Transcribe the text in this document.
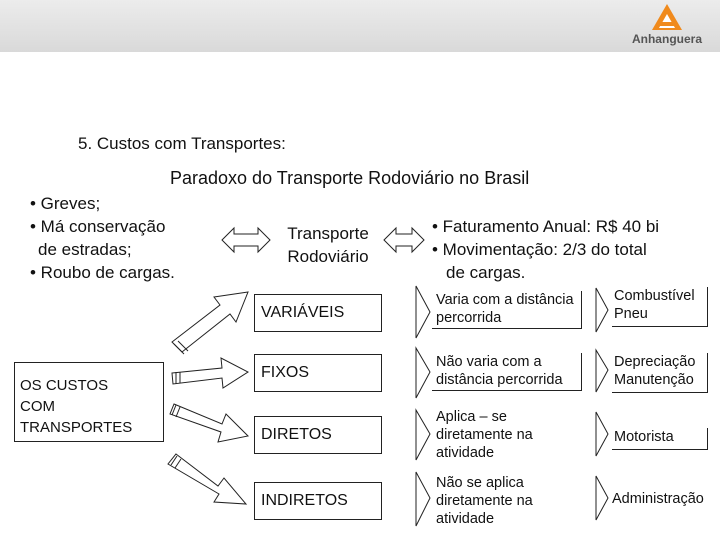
Anhanguera
5. Custos com Transportes:
Paradoxo do Transporte Rodoviário no Brasil
• Greves;
• Má conservação
de estradas;
• Roubo de cargas.
Transporte
Rodoviário
• Faturamento Anual: R$ 40 bi
• Movimentação: 2/3 do total
de cargas.
OS CUSTOS
COM
TRANSPORTES
VARIÁVEIS
FIXOS
DIRETOS
INDIRETOS
Varia com a distância percorrida
Não varia com a distância percorrida
Aplica – se diretamente na atividade
Não se aplica diretamente na atividade
Combustível Pneu
Depreciação Manutenção
Motorista
Administração
